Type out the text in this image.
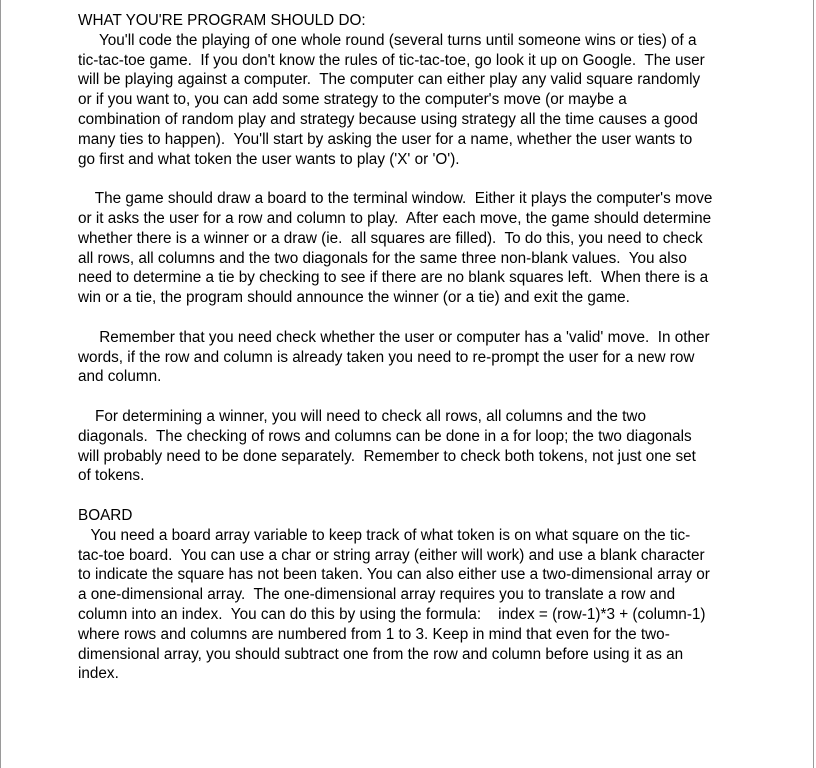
WHAT YOU'RE PROGRAM SHOULD DO:
You'll code the playing of one whole round (several turns until someone wins or ties) of a
tic-tac-toe game.  If you don't know the rules of tic-tac-toe, go look it up on Google.  The user
will be playing against a computer.  The computer can either play any valid square randomly
or if you want to, you can add some strategy to the computer's move (or maybe a
combination of random play and strategy because using strategy all the time causes a good
many ties to happen).  You'll start by asking the user for a name, whether the user wants to
go first and what token the user wants to play ('X' or 'O').
The game should draw a board to the terminal window.  Either it plays the computer's move
or it asks the user for a row and column to play.  After each move, the game should determine
whether there is a winner or a draw (ie.  all squares are filled).  To do this, you need to check
all rows, all columns and the two diagonals for the same three non-blank values.  You also
need to determine a tie by checking to see if there are no blank squares left.  When there is a
win or a tie, the program should announce the winner (or a tie) and exit the game.
Remember that you need check whether the user or computer has a 'valid' move.  In other
words, if the row and column is already taken you need to re-prompt the user for a new row
and column.
For determining a winner, you will need to check all rows, all columns and the two
diagonals.  The checking of rows and columns can be done in a for loop; the two diagonals
will probably need to be done separately.  Remember to check both tokens, not just one set
of tokens.
BOARD
You need a board array variable to keep track of what token is on what square on the tic-
tac-toe board.  You can use a char or string array (either will work) and use a blank character
to indicate the square has not been taken. You can also either use a two-dimensional array or
a one-dimensional array.  The one-dimensional array requires you to translate a row and
column into an index.  You can do this by using the formula:    index = (row-1)*3 + (column-1)
where rows and columns are numbered from 1 to 3. Keep in mind that even for the two-
dimensional array, you should subtract one from the row and column before using it as an
index.
